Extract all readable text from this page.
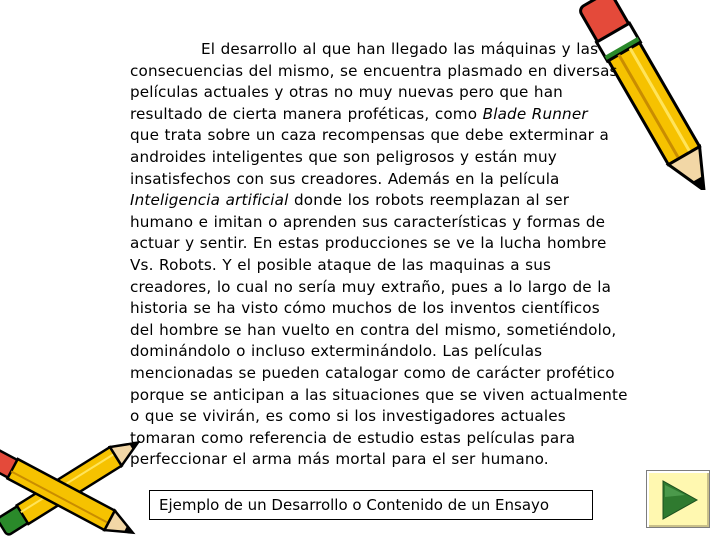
El desarrollo al que han llegado las máquinas y las
consecuencias del mismo, se encuentra plasmado en diversas
películas actuales y otras no muy nuevas pero que han
resultado de cierta manera proféticas, como Blade Runner
que trata sobre un caza recompensas que debe exterminar a
androides inteligentes que son peligrosos y están muy
insatisfechos con sus creadores. Además en la película
Inteligencia artificial donde los robots reemplazan al ser
humano e imitan o aprenden sus características y formas de
actuar y sentir. En estas producciones se ve la lucha hombre
Vs. Robots. Y el posible ataque de las maquinas a sus
creadores, lo cual no sería muy extraño, pues a lo largo de la
historia se ha visto cómo muchos de los inventos científicos
del hombre se han vuelto en contra del mismo, sometiéndolo,
dominándolo o incluso exterminándolo. Las películas
mencionadas se pueden catalogar como de carácter profético
porque se anticipan a las situaciones que se viven actualmente
o que se vivirán, es como si los investigadores actuales
tomaran como referencia de estudio estas películas para
perfeccionar el arma más mortal para el ser humano.
Ejemplo de un Desarrollo o Contenido de un Ensayo
